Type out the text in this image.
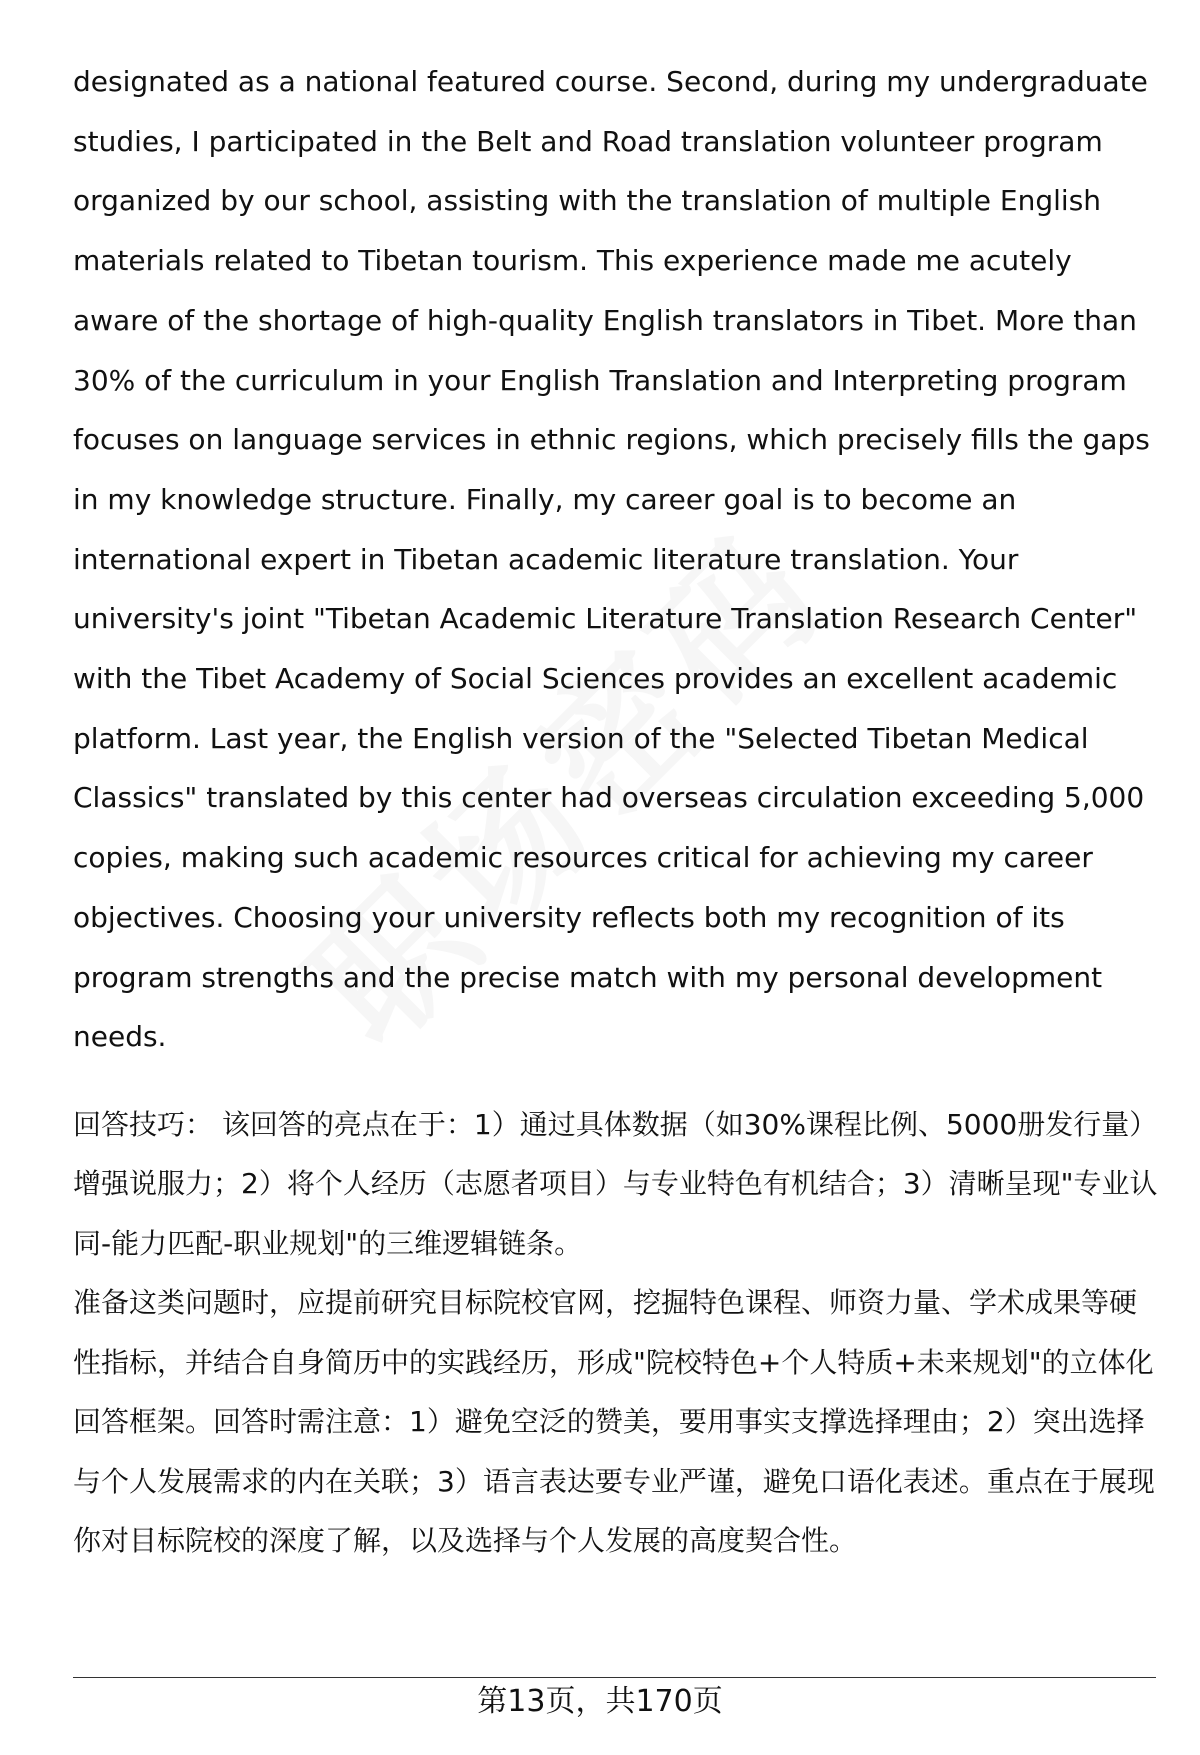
designated as a national featured course. Second, during my undergraduate studies, I participated in the Belt and Road translation volunteer program organized by our school, assisting with the translation of multiple English materials related to Tibetan tourism. This experience made me acutely aware of the shortage of high-quality English translators in Tibet. More than 30% of the curriculum in your English Translation and Interpreting program focuses on language services in ethnic regions, which precisely fills the gaps in my knowledge structure. Finally, my career goal is to become an international expert in Tibetan academic literature translation. Your university's joint "Tibetan Academic Literature Translation Research Center" with the Tibet Academy of Social Sciences provides an excellent academic platform. Last year, the English version of the "Selected Tibetan Medical Classics" translated by this center had overseas circulation exceeding 5,000 copies, making such academic resources critical for achieving my career objectives. Choosing your university reflects both my recognition of its program strengths and the precise match with my personal development needs.

回答技巧： 该回答的亮点在于：1）通过具体数据（如30%课程比例、5000册发行量）增强说服力；2）将个人经历（志愿者项目）与专业特色有机结合；3）清晰呈现"专业认同-能力匹配-职业规划"的三维逻辑链条。

准备这类问题时，应提前研究目标院校官网，挖掘特色课程、师资力量、学术成果等硬性指标，并结合自身简历中的实践经历，形成"院校特色+个人特质+未来规划"的立体化回答框架。回答时需注意：1）避免空泛的赞美，要用事实支撑选择理由；2）突出选择与个人发展需求的内在关联；3）语言表达要专业严谨，避免口语化表述。重点在于展现你对目标院校的深度了解，以及选择与个人发展的高度契合性。

第13页，共170页
